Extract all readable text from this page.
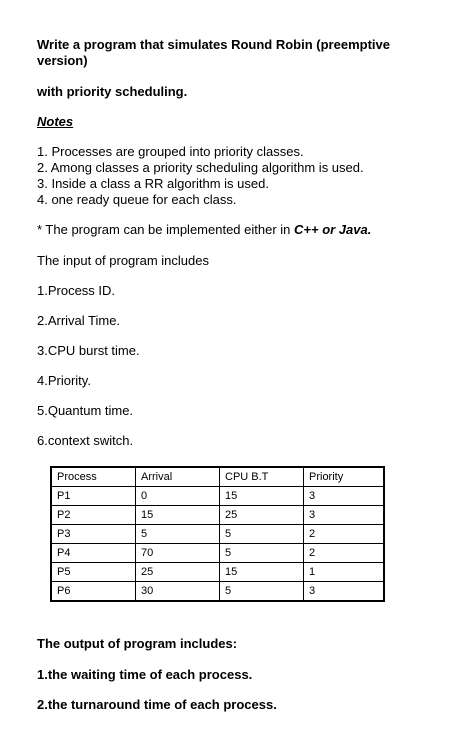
Write a program that simulates Round Robin (preemptive version)
with priority scheduling.
Notes
1. Processes are grouped into priority classes.
2. Among classes a priority scheduling algorithm is used.
3. Inside a class a RR algorithm is used.
4. one ready queue for each class.
* The program can be implemented either in C++ or Java.
The input of program includes
1.Process ID.
2.Arrival Time.
3.CPU burst time.
4.Priority.
5.Quantum time.
6.context switch.
Process	Arrival	CPU B.T	Priority
P1	0	15	3
P2	15	25	3
P3	5	5	2
P4	70	5	2
P5	25	15	1
P6	30	5	3
The output of program includes:
1.the waiting time of each process.
2.the turnaround time of each process.
